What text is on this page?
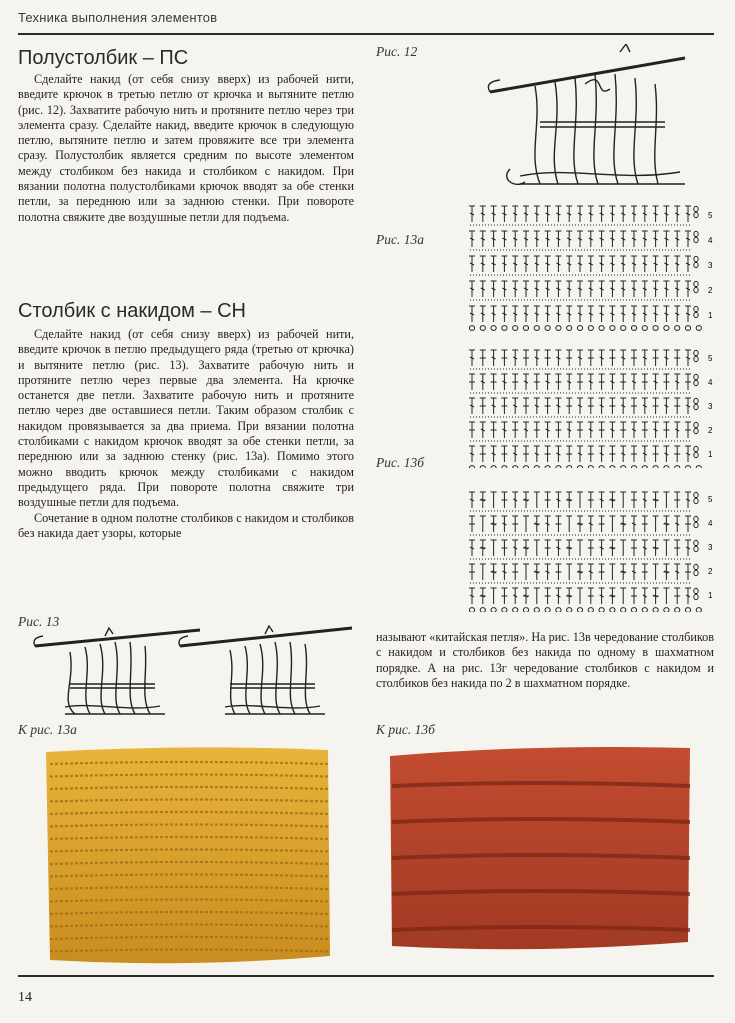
Техника выполнения элементов
Полустолбик – ПС

Сделайте накид (от себя снизу вверх) из рабочей нити, введите крючок в третью петлю от крючка и вытяните петлю (рис. 12). Захватите рабочую нить и протяните петлю через три элемента сразу. Сделайте накид, введите крючок в следующую петлю, вытяните петлю и затем провяжите все три элемента сразу. Полустолбик является средним по высоте элементом между столбиком без накида и столбиком с накидом. При вязании полотна полустолбиками крючок вводят за обе стенки петли, за переднюю или за заднюю стенки. При повороте полотна свяжите две воздушные петли для подъема.

Столбик с накидом – СН

Сделайте накид (от себя снизу вверх) из рабочей нити, введите крючок в петлю предыдущего ряда (третью от крючка) и вытяните петлю (рис. 13). Захватите рабочую нить и протяните петлю через первые два элемента. На крючке останется две петли. Захватите рабочую нить и протяните петлю через две оставшиеся петли. Таким образом столбик с накидом провязывается за два приема. При вязании полотна столбиками с накидом крючок вводят за обе стенки петли, за переднюю или за заднюю стенку (рис. 13а). Помимо этого можно вводить крючок между столбиками с накидом предыдущего ряда. При повороте полотна свяжите три воздушные петли для подъема.

Сочетание в одном полотне столбиков с накидом и столбиков без накида дает узоры, которые

Рис. 13
Рис. 12
Рис. 13а
Рис. 13б
5
4
3
2
1
5
4
3
2
1
5
4
3
2
1

называют «китайская петля». На рис. 13в чередование столбиков с накидом и столбиков без накида по одному в шахматном порядке. А на рис. 13г чередование столбиков с накидом и столбиков без накида по 2 в шахматном порядке.

К рис. 13а	К рис. 13б
14
